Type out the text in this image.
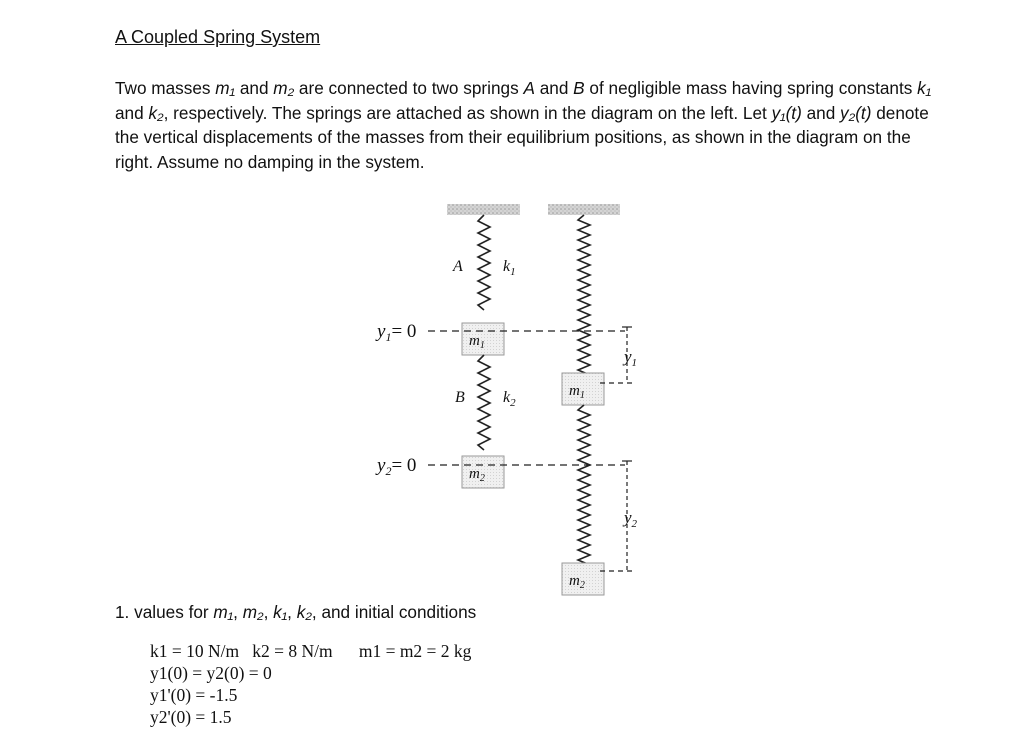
A Coupled Spring System
Two masses m₁ and m₂ are connected to two springs A and B of negligible mass having spring constants k₁ and k₂, respectively. The springs are attached as shown in the diagram on the left. Let y₁(t) and y₂(t) denote the vertical displacements of the masses from their equilibrium positions, as shown in the diagram on the right. Assume no damping in the system.
A	$k_1$
B $k_2$
$m_1$
$m_2$
$m_1$
$m_2$
$y_1= 0$
$y_2= 0$
$y_1$
$y_2$
1. values for m₁, m₂, k₁, k₂, and initial conditions
k1 = 10 N/m k2 = 8 N/m m1 = m2 = 2 kg
y1(0) = y2(0) = 0
y1'(0) = -1.5
y2'(0) = 1.5
